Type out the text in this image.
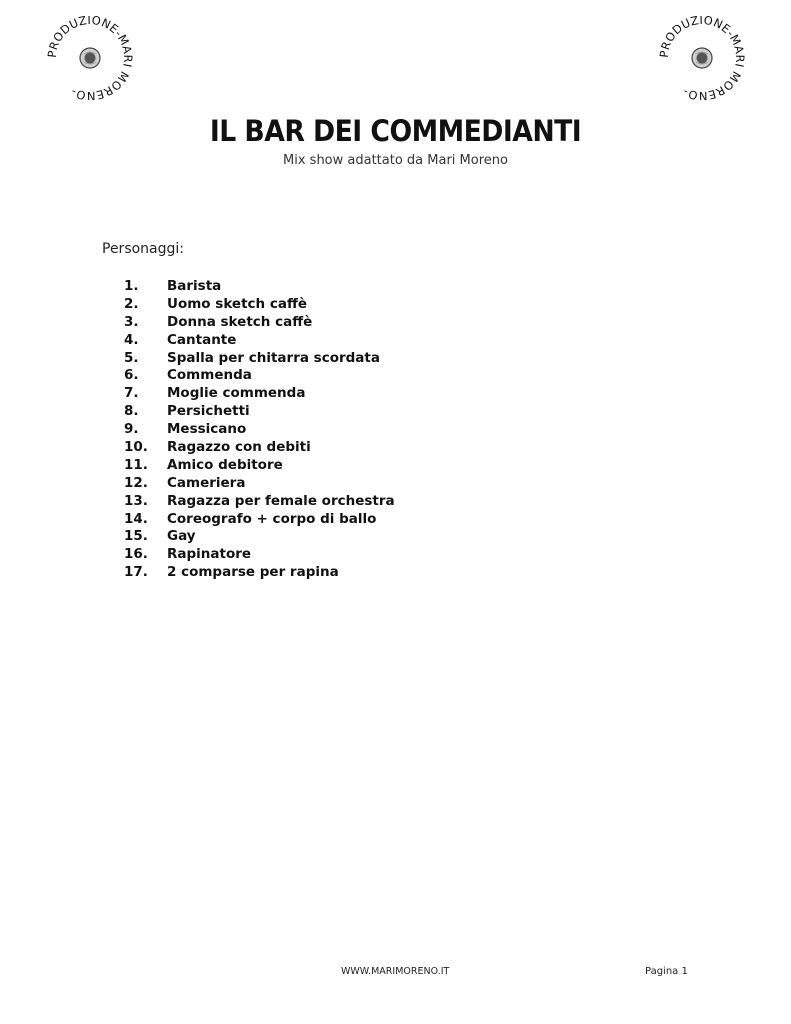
PRODUZIONE-MARI MORENO-
PRODUZIONE-MARI MORENO-
IL BAR DEI COMMEDIANTI
Mix show adattato da Mari Moreno
Personaggi:
1. Barista
2. Uomo sketch caffè
3. Donna sketch caffè
4. Cantante
5. Spalla per chitarra scordata
6. Commenda
7. Moglie commenda
8. Persichetti
9. Messicano
10. Ragazzo con debiti
11. Amico debitore
12. Cameriera
13. Ragazza per female orchestra
14. Coreografo + corpo di ballo
15. Gay
16. Rapinatore
17. 2 comparse per rapina
WWW.MARIMORENO.IT	Pagina 1
